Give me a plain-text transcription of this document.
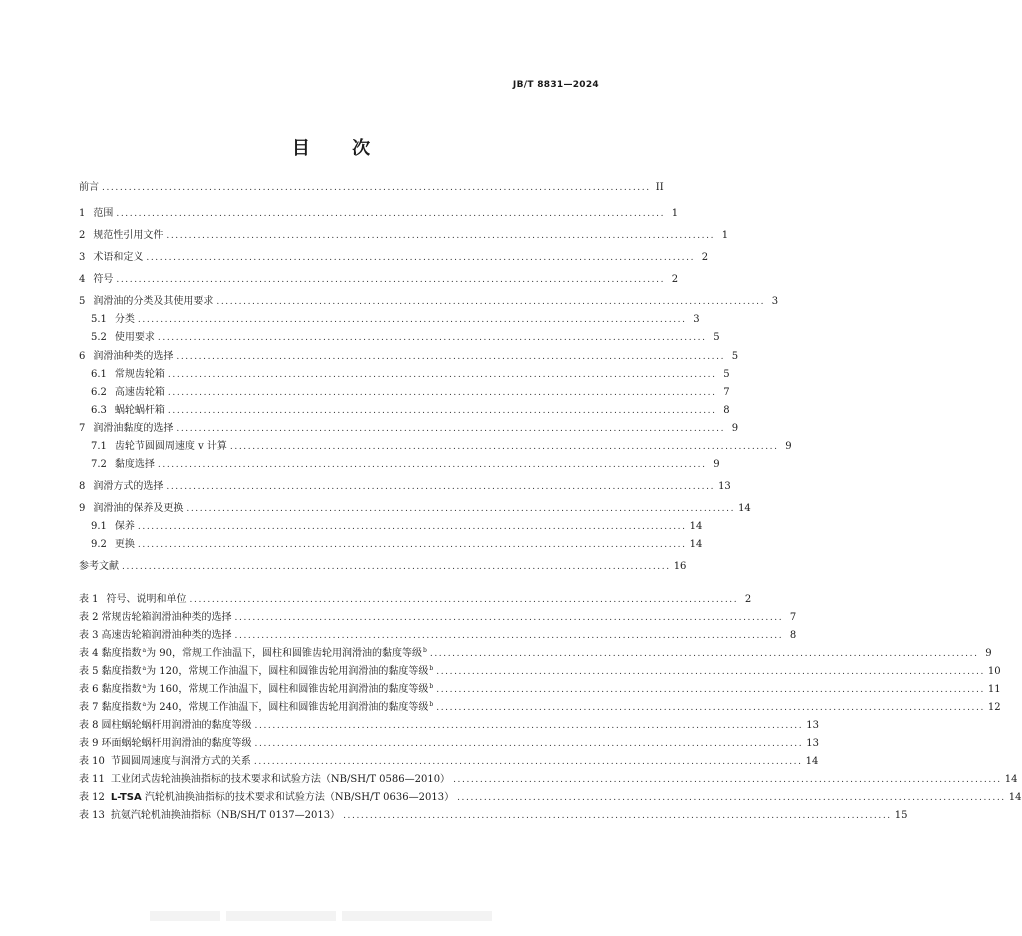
JB/T 8831—2024
目 次
前言 ........................................................................................................................... II
1 范围 ........................................................................................................................... 1
2 规范性引用文件 ........................................................................................................................... 1
3 术语和定义 ........................................................................................................................... 2
4 符号 ........................................................................................................................... 2
5 润滑油的分类及其使用要求 ........................................................................................................................... 3
5.1 分类 ........................................................................................................................... 3
5.2 使用要求 ........................................................................................................................... 5
6 润滑油种类的选择 ........................................................................................................................... 5
6.1 常规齿轮箱 ........................................................................................................................... 5
6.2 高速齿轮箱 ........................................................................................................................... 7
6.3 蜗轮蜗杆箱 ........................................................................................................................... 8
7 润滑油黏度的选择 ........................................................................................................................... 9
7.1 齿轮节圆圆周速度 v 计算 ........................................................................................................................... 9
7.2 黏度选择 ........................................................................................................................... 9
8 润滑方式的选择 ........................................................................................................................... 13
9 润滑油的保养及更换 ........................................................................................................................... 14
9.1 保养 ........................................................................................................................... 14
9.2 更换 ........................................................................................................................... 14
参考文献 ........................................................................................................................... 16
表 1 符号、说明和单位 ........................................................................................................................... 2
表 2 常规齿轮箱润滑油种类的选择 ........................................................................................................................... 7
表 3 高速齿轮箱润滑油种类的选择 ........................................................................................................................... 8
表 4 黏度指数$^a$为 90，常规工作油温下，圆柱和圆锥齿轮用润滑油的黏度等级$^b$ ........................................................................................................................... 9
表 5 黏度指数$^a$为 120，常规工作油温下，圆柱和圆锥齿轮用润滑油的黏度等级$^b$ ........................................................................................................................... 10
表 6 黏度指数$^a$为 160，常规工作油温下，圆柱和圆锥齿轮用润滑油的黏度等级$^b$ ........................................................................................................................... 11
表 7 黏度指数$^a$为 240，常规工作油温下，圆柱和圆锥齿轮用润滑油的黏度等级$^b$ ........................................................................................................................... 12
表 8 圆柱蜗轮蜗杆用润滑油的黏度等级 ........................................................................................................................... 13
表 9 环面蜗轮蜗杆用润滑油的黏度等级 ........................................................................................................................... 13
表 10 节圆圆周速度与润滑方式的关系 ........................................................................................................................... 14
表 11 工业闭式齿轮油换油指标的技术要求和试验方法（NB/SH/T 0586—2010） ........................................................................................................................... 14
表 12 L-TSA 汽轮机油换油指标的技术要求和试验方法（NB/SH/T 0636—2013） ........................................................................................................................... 14
表 13 抗氨汽轮机油换油指标（NB/SH/T 0137—2013） ........................................................................................................................... 15
